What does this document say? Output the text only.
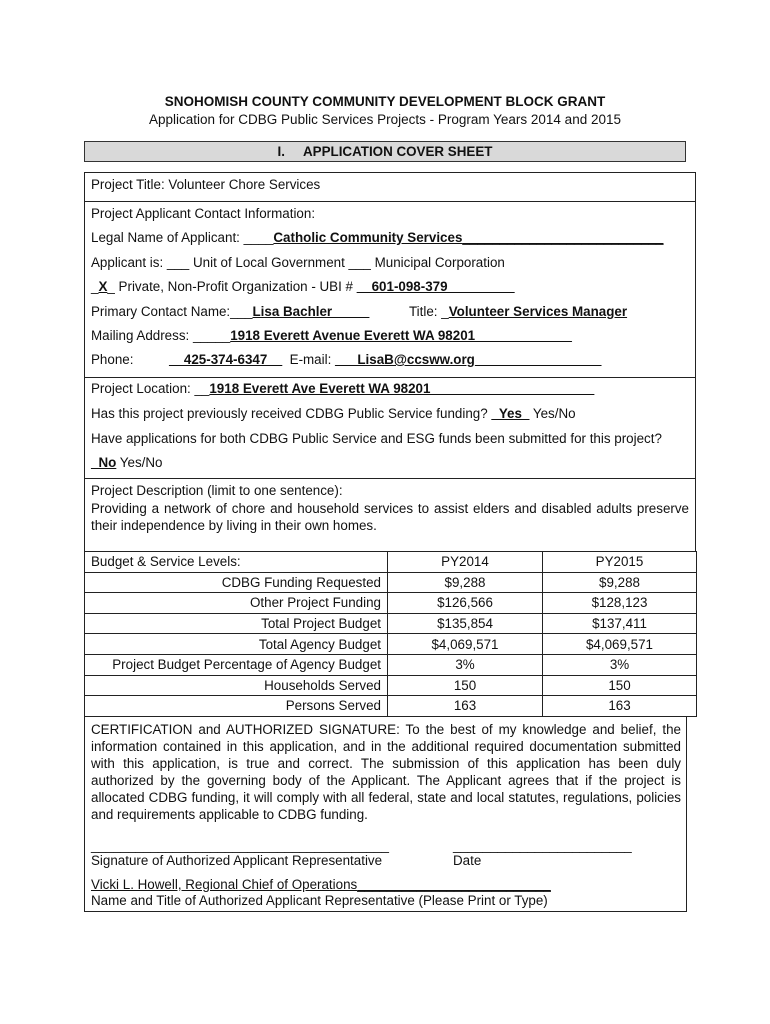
SNOHOMISH COUNTY COMMUNITY DEVELOPMENT BLOCK GRANT
Application for CDBG Public Services Projects - Program Years 2014 and 2015
I. APPLICATION COVER SHEET
Project Title: Volunteer Chore Services
Project Applicant Contact Information:
Legal Name of Applicant: ____Catholic Community Services___________________________
Applicant is: ___ Unit of Local Government ___ Municipal Corporation
_X_ Private, Non-Profit Organization - UBI # __601-098-379_________
Primary Contact Name:___Lisa Bachler_____	Title: _Volunteer Services Manager
Mailing Address: _____1918 Everett Avenue Everett WA 98201_____________
Phone:	__425-374-6347__ E-mail: ___LisaB@ccsww.org_________________
Project Location: __1918 Everett Ave Everett WA 98201______________________
Has this project previously received CDBG Public Service funding? _Yes_ Yes/No
Have applications for both CDBG Public Service and ESG funds been submitted for this project?
_No Yes/No
Project Description (limit to one sentence):
Providing a network of chore and household services to assist elders and disabled adults preserve their independence by living in their own homes.
Budget & Service Levels:	PY2014	PY2015
CDBG Funding Requested	$9,288	$9,288
Other Project Funding	$126,566	$128,123
Total Project Budget	$135,854	$137,411
Total Agency Budget	$4,069,571	$4,069,571
Project Budget Percentage of Agency Budget	3%	3%
Households Served	150	150
Persons Served	163	163
CERTIFICATION and AUTHORIZED SIGNATURE: To the best of my knowledge and belief, the information contained in this application, and in the additional required documentation submitted with this application, is true and correct. The submission of this application has been duly authorized by the governing body of the Applicant. The Applicant agrees that if the project is allocated CDBG funding, it will comply with all federal, state and local statutes, regulations, policies and requirements applicable to CDBG funding.
________________________________________	________________________
Signature of Authorized Applicant Representative	Date
Vicki L. Howell, Regional Chief of Operations__________________________
Name and Title of Authorized Applicant Representative (Please Print or Type)
